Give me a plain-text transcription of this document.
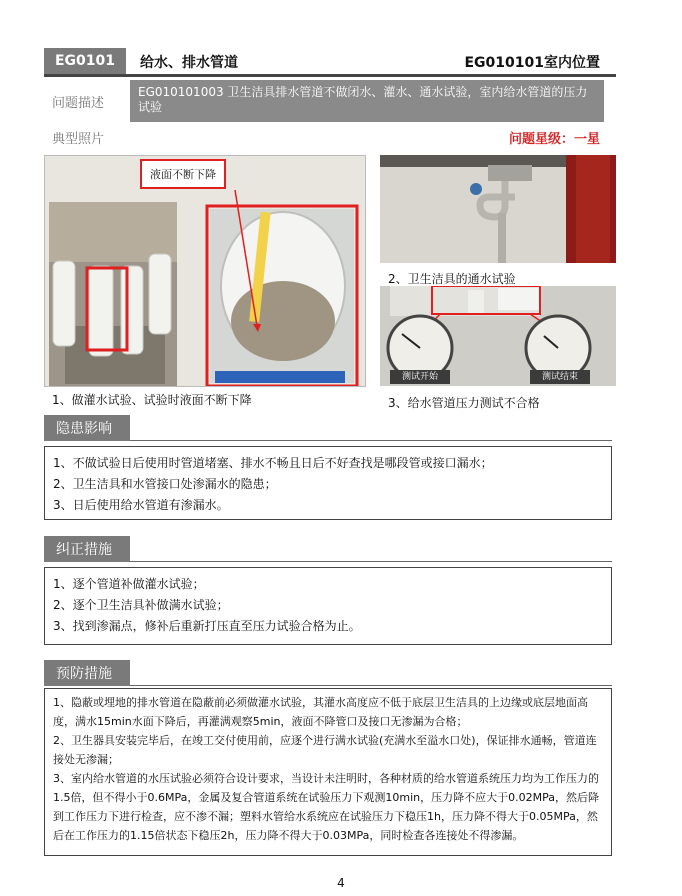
EG0101	给水、排水管道	EG010101室内位置
问题描述
EG010101003 卫生洁具排水管道不做闭水、灌水、通水试验，室内给水管道的压力试验
典型照片	问题星级：一星
液面不断下降
1、做灌水试验、试验时液面不断下降
2、卫生洁具的通水试验
测试开始	测试结束
3、给水管道压力测试不合格
隐患影响
1、不做试验日后使用时管道堵塞、排水不畅且日后不好查找是哪段管或接口漏水；
2、卫生洁具和水管接口处渗漏水的隐患；
3、日后使用给水管道有渗漏水。
纠正措施
1、逐个管道补做灌水试验；
2、逐个卫生洁具补做满水试验；
3、找到渗漏点，修补后重新打压直至压力试验合格为止。
预防措施
1、隐蔽或埋地的排水管道在隐蔽前必须做灌水试验，其灌水高度应不低于底层卫生洁具的上边缘或底层地面高度，满水15min水面下降后，再灌满观察5min，液面不降管口及接口无渗漏为合格；
2、卫生器具安装完毕后，在竣工交付使用前，应逐个进行满水试验(充满水至溢水口处)，保证排水通畅，管道连接处无渗漏；
3、室内给水管道的水压试验必须符合设计要求，当设计未注明时，各种材质的给水管道系统压力均为工作压力的1.5倍，但不得小于0.6MPa，金属及复合管道系统在试验压力下观测10min，压力降不应大于0.02MPa，然后降到工作压力下进行检查，应不渗不漏；塑料水管给水系统应在试验压力下稳压1h，压力降不得大于0.05MPa，然后在工作压力的1.15倍状态下稳压2h，压力降不得大于0.03MPa，同时检查各连接处不得渗漏。
4
